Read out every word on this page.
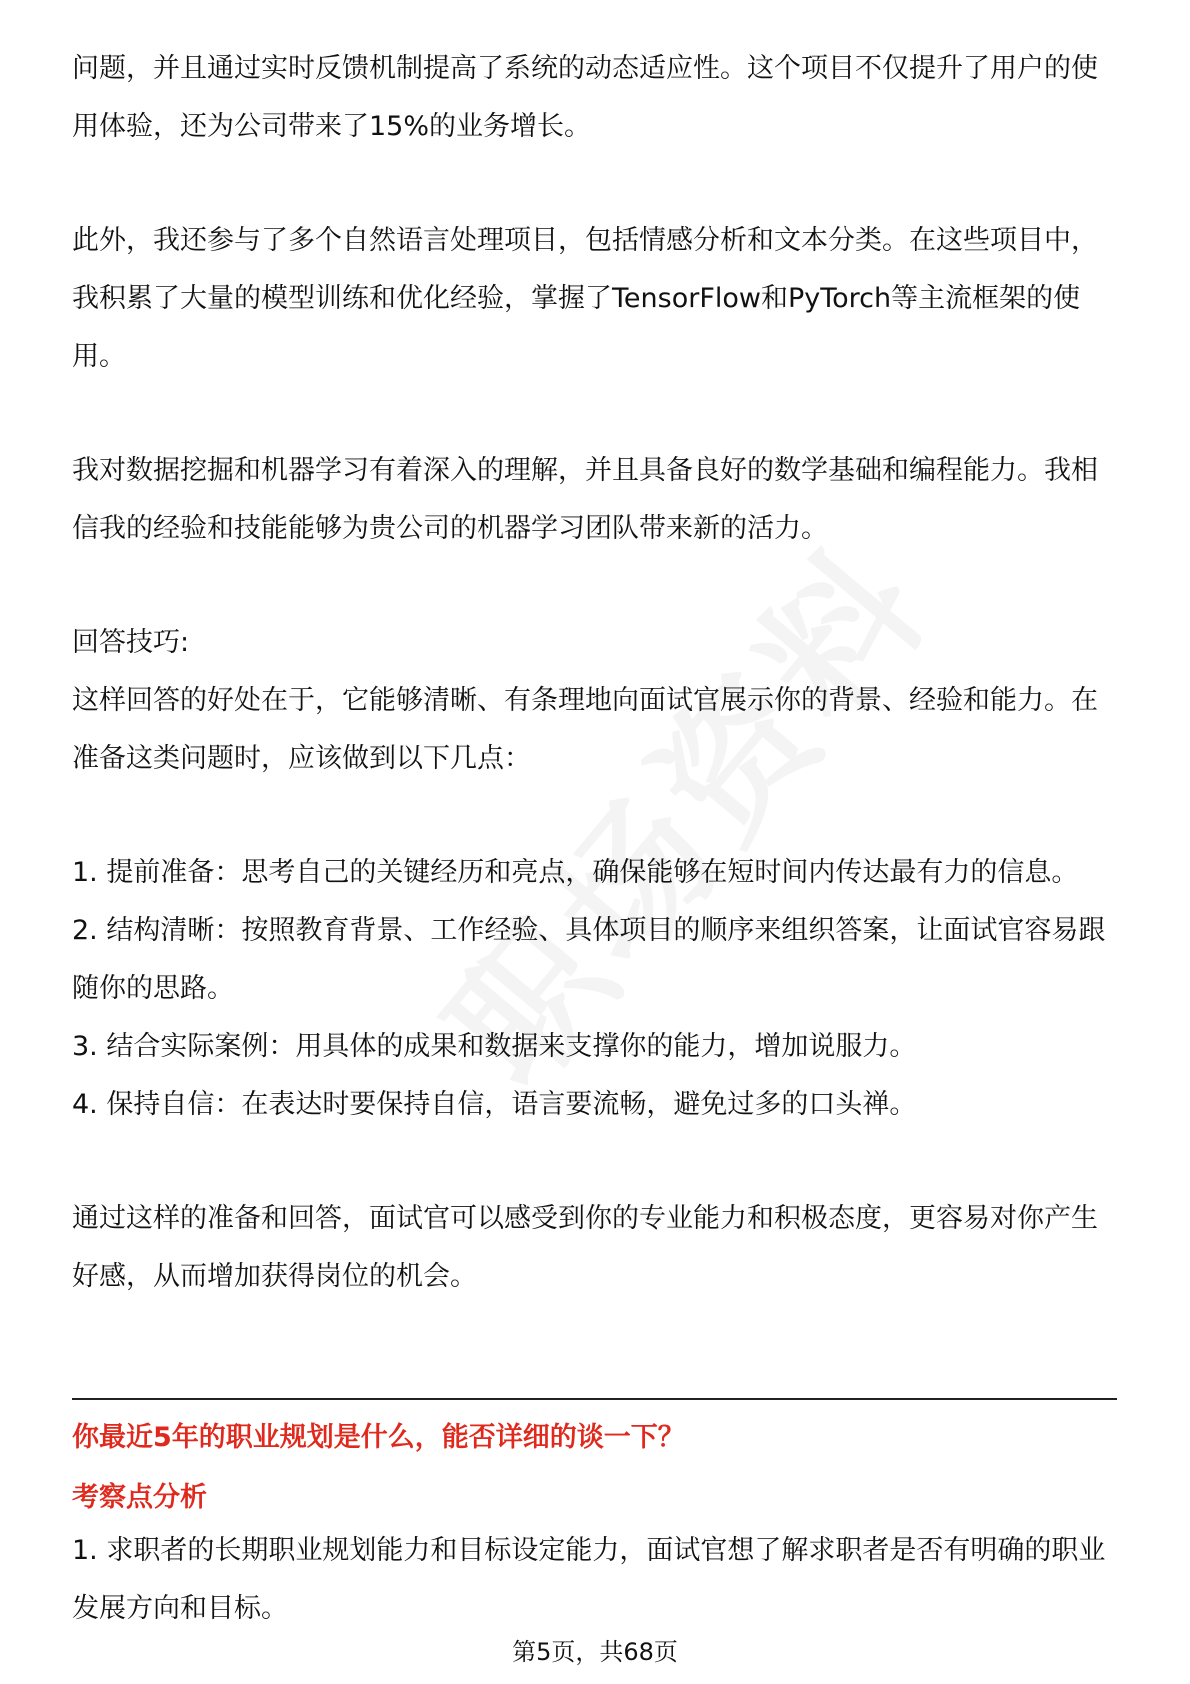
问题，并且通过实时反馈机制提高了系统的动态适应性。这个项目不仅提升了用户的使用体验，还为公司带来了15%的业务增长。

此外，我还参与了多个自然语言处理项目，包括情感分析和文本分类。在这些项目中，我积累了大量的模型训练和优化经验，掌握了TensorFlow和PyTorch等主流框架的使用。

我对数据挖掘和机器学习有着深入的理解，并且具备良好的数学基础和编程能力。我相信我的经验和技能能够为贵公司的机器学习团队带来新的活力。

回答技巧:

这样回答的好处在于，它能够清晰、有条理地向面试官展示你的背景、经验和能力。在准备这类问题时，应该做到以下几点：

1. 提前准备：思考自己的关键经历和亮点，确保能够在短时间内传达最有力的信息。

2. 结构清晰：按照教育背景、工作经验、具体项目的顺序来组织答案，让面试官容易跟随你的思路。

3. 结合实际案例：用具体的成果和数据来支撑你的能力，增加说服力。

4. 保持自信：在表达时要保持自信，语言要流畅，避免过多的口头禅。

通过这样的准备和回答，面试官可以感受到你的专业能力和积极态度，更容易对你产生好感，从而增加获得岗位的机会。

你最近5年的职业规划是什么，能否详细的谈一下？

考察点分析

1. 求职者的长期职业规划能力和目标设定能力，面试官想了解求职者是否有明确的职业发展方向和目标。

第5页，共68页
